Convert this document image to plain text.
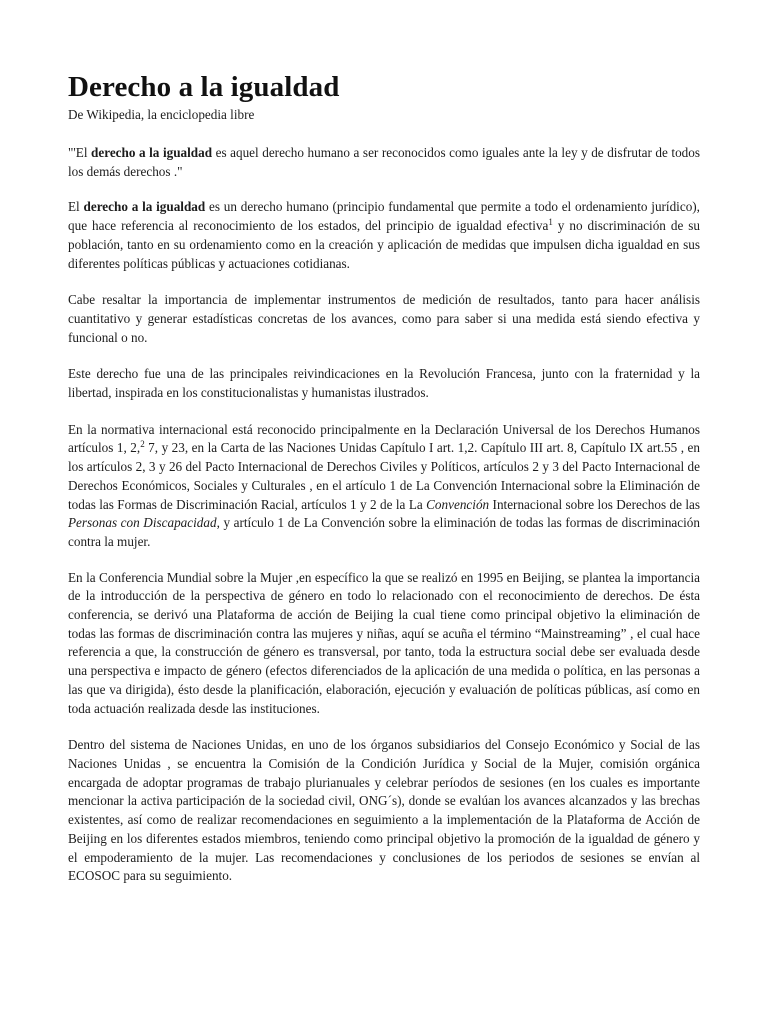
Derecho a la igualdad
De Wikipedia, la enciclopedia libre

"'El derecho a la igualdad es aquel derecho humano a ser reconocidos como iguales ante la ley y de disfrutar de todos los demás derechos ."

El derecho a la igualdad es un derecho humano (principio fundamental que permite a todo el ordenamiento jurídico), que hace referencia al reconocimiento de los estados, del principio de igualdad efectiva$^1$ y no discriminación de su población, tanto en su ordenamiento como en la creación y aplicación de medidas que impulsen dicha igualdad en sus diferentes políticas públicas y actuaciones cotidianas.

Cabe resaltar la importancia de implementar instrumentos de medición de resultados, tanto para hacer análisis cuantitativo y generar estadísticas concretas de los avances, como para saber si una medida está siendo efectiva y funcional o no.

Este derecho fue una de las principales reivindicaciones en la Revolución Francesa, junto con la fraternidad y la libertad, inspirada en los constitucionalistas y humanistas ilustrados.

En la normativa internacional está reconocido principalmente en la Declaración Universal de los Derechos Humanos artículos 1, 2,$^2$ 7, y 23, en la Carta de las Naciones Unidas Capítulo I art. 1,2. Capítulo III art. 8, Capítulo IX art.55 , en los artículos 2, 3 y 26 del Pacto Internacional de Derechos Civiles y Políticos, artículos 2 y 3 del Pacto Internacional de Derechos Económicos, Sociales y Culturales , en el artículo 1 de La Convención Internacional sobre la Eliminación de todas las Formas de Discriminación Racial, artículos 1 y 2 de la La Convención Internacional sobre los Derechos de las Personas con Discapacidad, y artículo 1 de La Convención sobre la eliminación de todas las formas de discriminación contra la mujer.

En la Conferencia Mundial sobre la Mujer ,en específico la que se realizó en 1995 en Beijing, se plantea la importancia de la introducción de la perspectiva de género en todo lo relacionado con el reconocimiento de derechos. De ésta conferencia, se derivó una Plataforma de acción de Beijing la cual tiene como principal objetivo la eliminación de todas las formas de discriminación contra las mujeres y niñas, aquí se acuña el término “Mainstreaming” , el cual hace referencia a que, la construcción de género es transversal, por tanto, toda la estructura social debe ser evaluada desde una perspectiva e impacto de género (efectos diferenciados de la aplicación de una medida o política, en las personas a las que va dirigida), ésto desde la planificación, elaboración, ejecución y evaluación de políticas públicas, así como en toda actuación realizada desde las instituciones.

Dentro del sistema de Naciones Unidas, en uno de los órganos subsidiarios del Consejo Económico y Social de las Naciones Unidas , se encuentra la Comisión de la Condición Jurídica y Social de la Mujer, comisión orgánica encargada de adoptar programas de trabajo plurianuales y celebrar períodos de sesiones (en los cuales es importante mencionar la activa participación de la sociedad civil, ONG´s), donde se evalúan los avances alcanzados y las brechas existentes, así como de realizar recomendaciones en seguimiento a la implementación de la Plataforma de Acción de Beijing en los diferentes estados miembros, teniendo como principal objetivo la promoción de la igualdad de género y el empoderamiento de la mujer. Las recomendaciones y conclusiones de los periodos de sesiones se envían al ECOSOC para su seguimiento.
